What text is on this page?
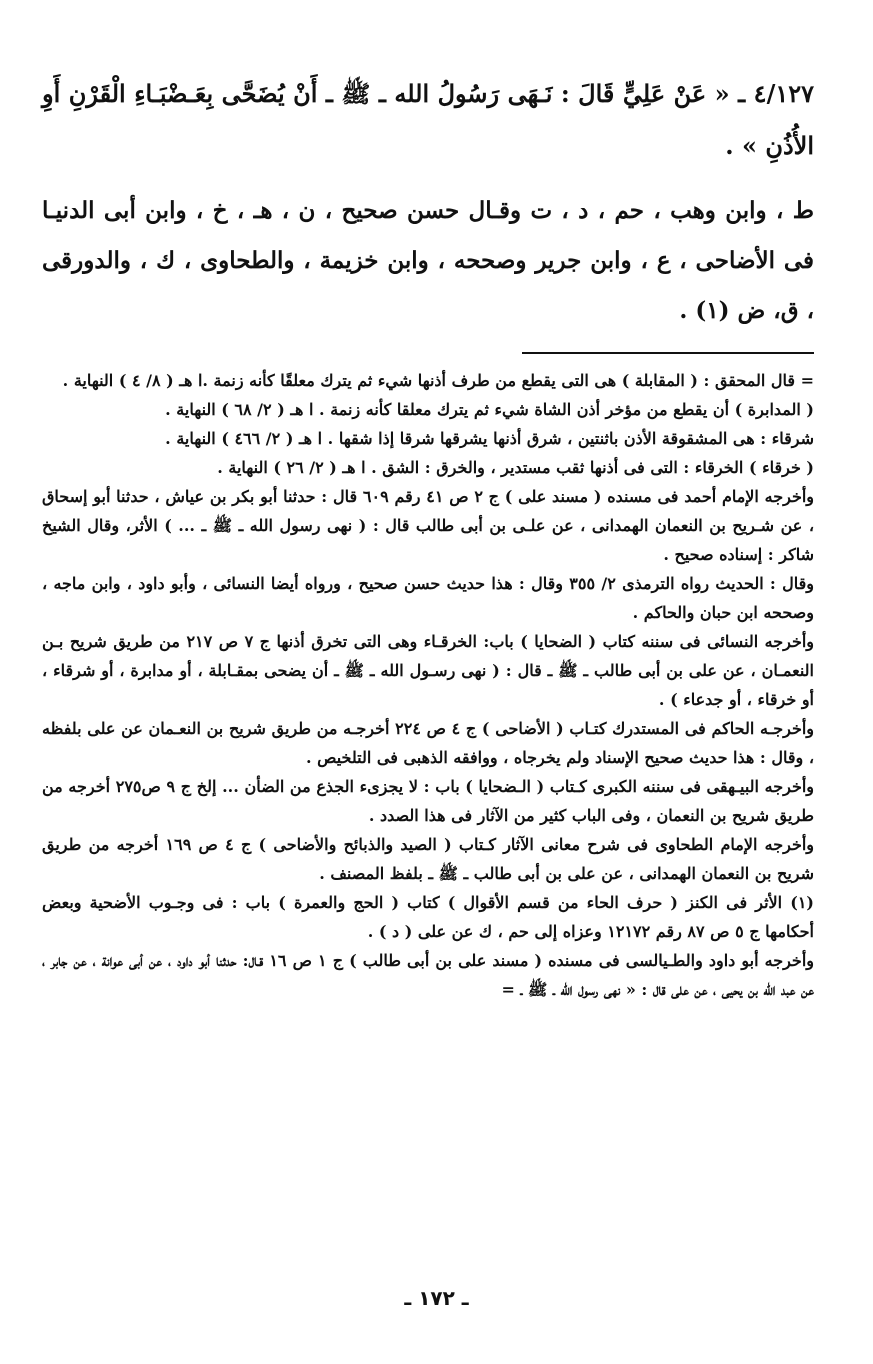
٤/١٢٧ ـ « عَنْ عَلِيٍّ قَالَ : نَـهَى رَسُولُ الله ـ ﷺ ـ أَنْ يُضَحَّى بِعَـضْبَـاءِ الْقَرْنِ أَوِ الأُذُنِ » .

ط ، وابن وهب ، حم ، د ، ت وقـال حسن صحيح ، ن ، هـ ، خ ، وابن أبى الدنيـا فى الأضاحى ، ع ، وابن جرير وصححه ، وابن خزيمة ، والطحاوى ، ك ، والدورقى ، ق، ض (١) .

= قال المحقق : ( المقابلة ) هى التى يقطع من طرف أذنها شيء ثم يترك معلقًا كأنه زنمة .ا هـ ( ٨/ ٤ ) النهاية .

( المدابرة ) أن يقطع من مؤخر أذن الشاة شيء ثم يترك معلقا كأنه زنمة . ا هـ ( ٢/ ٦٨ ) النهاية .

شرقاء : هى المشقوقة الأذن باثنتين ، شرق أذنها يشرقها شرقا إذا شقها . ا هـ ( ٢/ ٤٦٦ ) النهاية .

( خرقاء ) الخرقاء : التى فى أذنها ثقب مستدير ، والخرق : الشق . ا هـ ( ٢/ ٢٦ ) النهاية .

وأخرجه الإمام أحمد فى مسنده ( مسند على ) ج ٢ ص ٤١ رقم ٦٠٩ قال : حدثنا أبو بكر بن عياش ، حدثنا أبو إسحاق ، عن شـريح بن النعمان الهمدانى ، عن علـى بن أبى طالب قال : ( نهى رسول الله ـ ﷺ ـ ... ) الأثر، وقال الشيخ شاكر : إسناده صحيح .

وقال : الحديث رواه الترمذى ٢/ ٣٥٥ وقال : هذا حديث حسن صحيح ، ورواه أيضا النسائى ، وأبو داود ، وابن ماجه ، وصححه ابن حبان والحاكم .

وأخرجه النسائى فى سننه كتاب ( الضحايا ) باب: الخرقـاء وهى التى تخرق أذنها ج ٧ ص ٢١٧ من طريق شريح بـن النعمـان ، عن على بن أبى طالب ـ ﷺ ـ قال : ( نهى رسـول الله ـ ﷺ ـ أن يضحى بمقـابلة ، أو مدابرة ، أو شرقاء ، أو خرقاء ، أو جدعاء ) .

وأخرجـه الحاكم فى المستدرك كتـاب ( الأضاحى ) ج ٤ ص ٢٢٤ أخرجـه من طريق شريح بن النعـمان عن على بلفظه ، وقال : هذا حديث صحيح الإسناد ولم يخرجاه ، ووافقه الذهبى فى التلخيص .

وأخرجه البيـهقى فى سننه الكبرى كـتاب ( الـضحايا ) باب : لا يجزىء الجذع من الضأن ... إلخ ج ٩ ص٢٧٥ أخرجه من طريق شريح بن النعمان ، وفى الباب كثير من الآثار فى هذا الصدد .

وأخرجه الإمام الطحاوى فى شرح معانى الآثار كـتاب ( الصيد والذبائح والأضاحى ) ج ٤ ص ١٦٩ أخرجه من طريق شريح بن النعمان الهمدانى ، عن على بن أبى طالب ـ ﷺ ـ بلفظ المصنف .

(١) الأثر فى الكنز ( حرف الحاء من قسم الأقوال ) كتاب ( الحج والعمرة ) باب : فى وجـوب الأضحية وبعض أحكامها ج ٥ ص ٨٧ رقم ١٢١٧٢ وعزاه إلى حم ، ك عن على ( د ) .

وأخرجه أبو داود والطـيالسى فى مسنده ( مسند على بن أبى طالب ) ج ١ ص ١٦ قـال: حدثنا أبو داود ، عن أبى عوانة ، عن جابر ، عن عبد الله بن يحيى ، عن على قال : « نهى رسول الله ـ ﷺ ـ =

ـ ١٧٢ ـ
